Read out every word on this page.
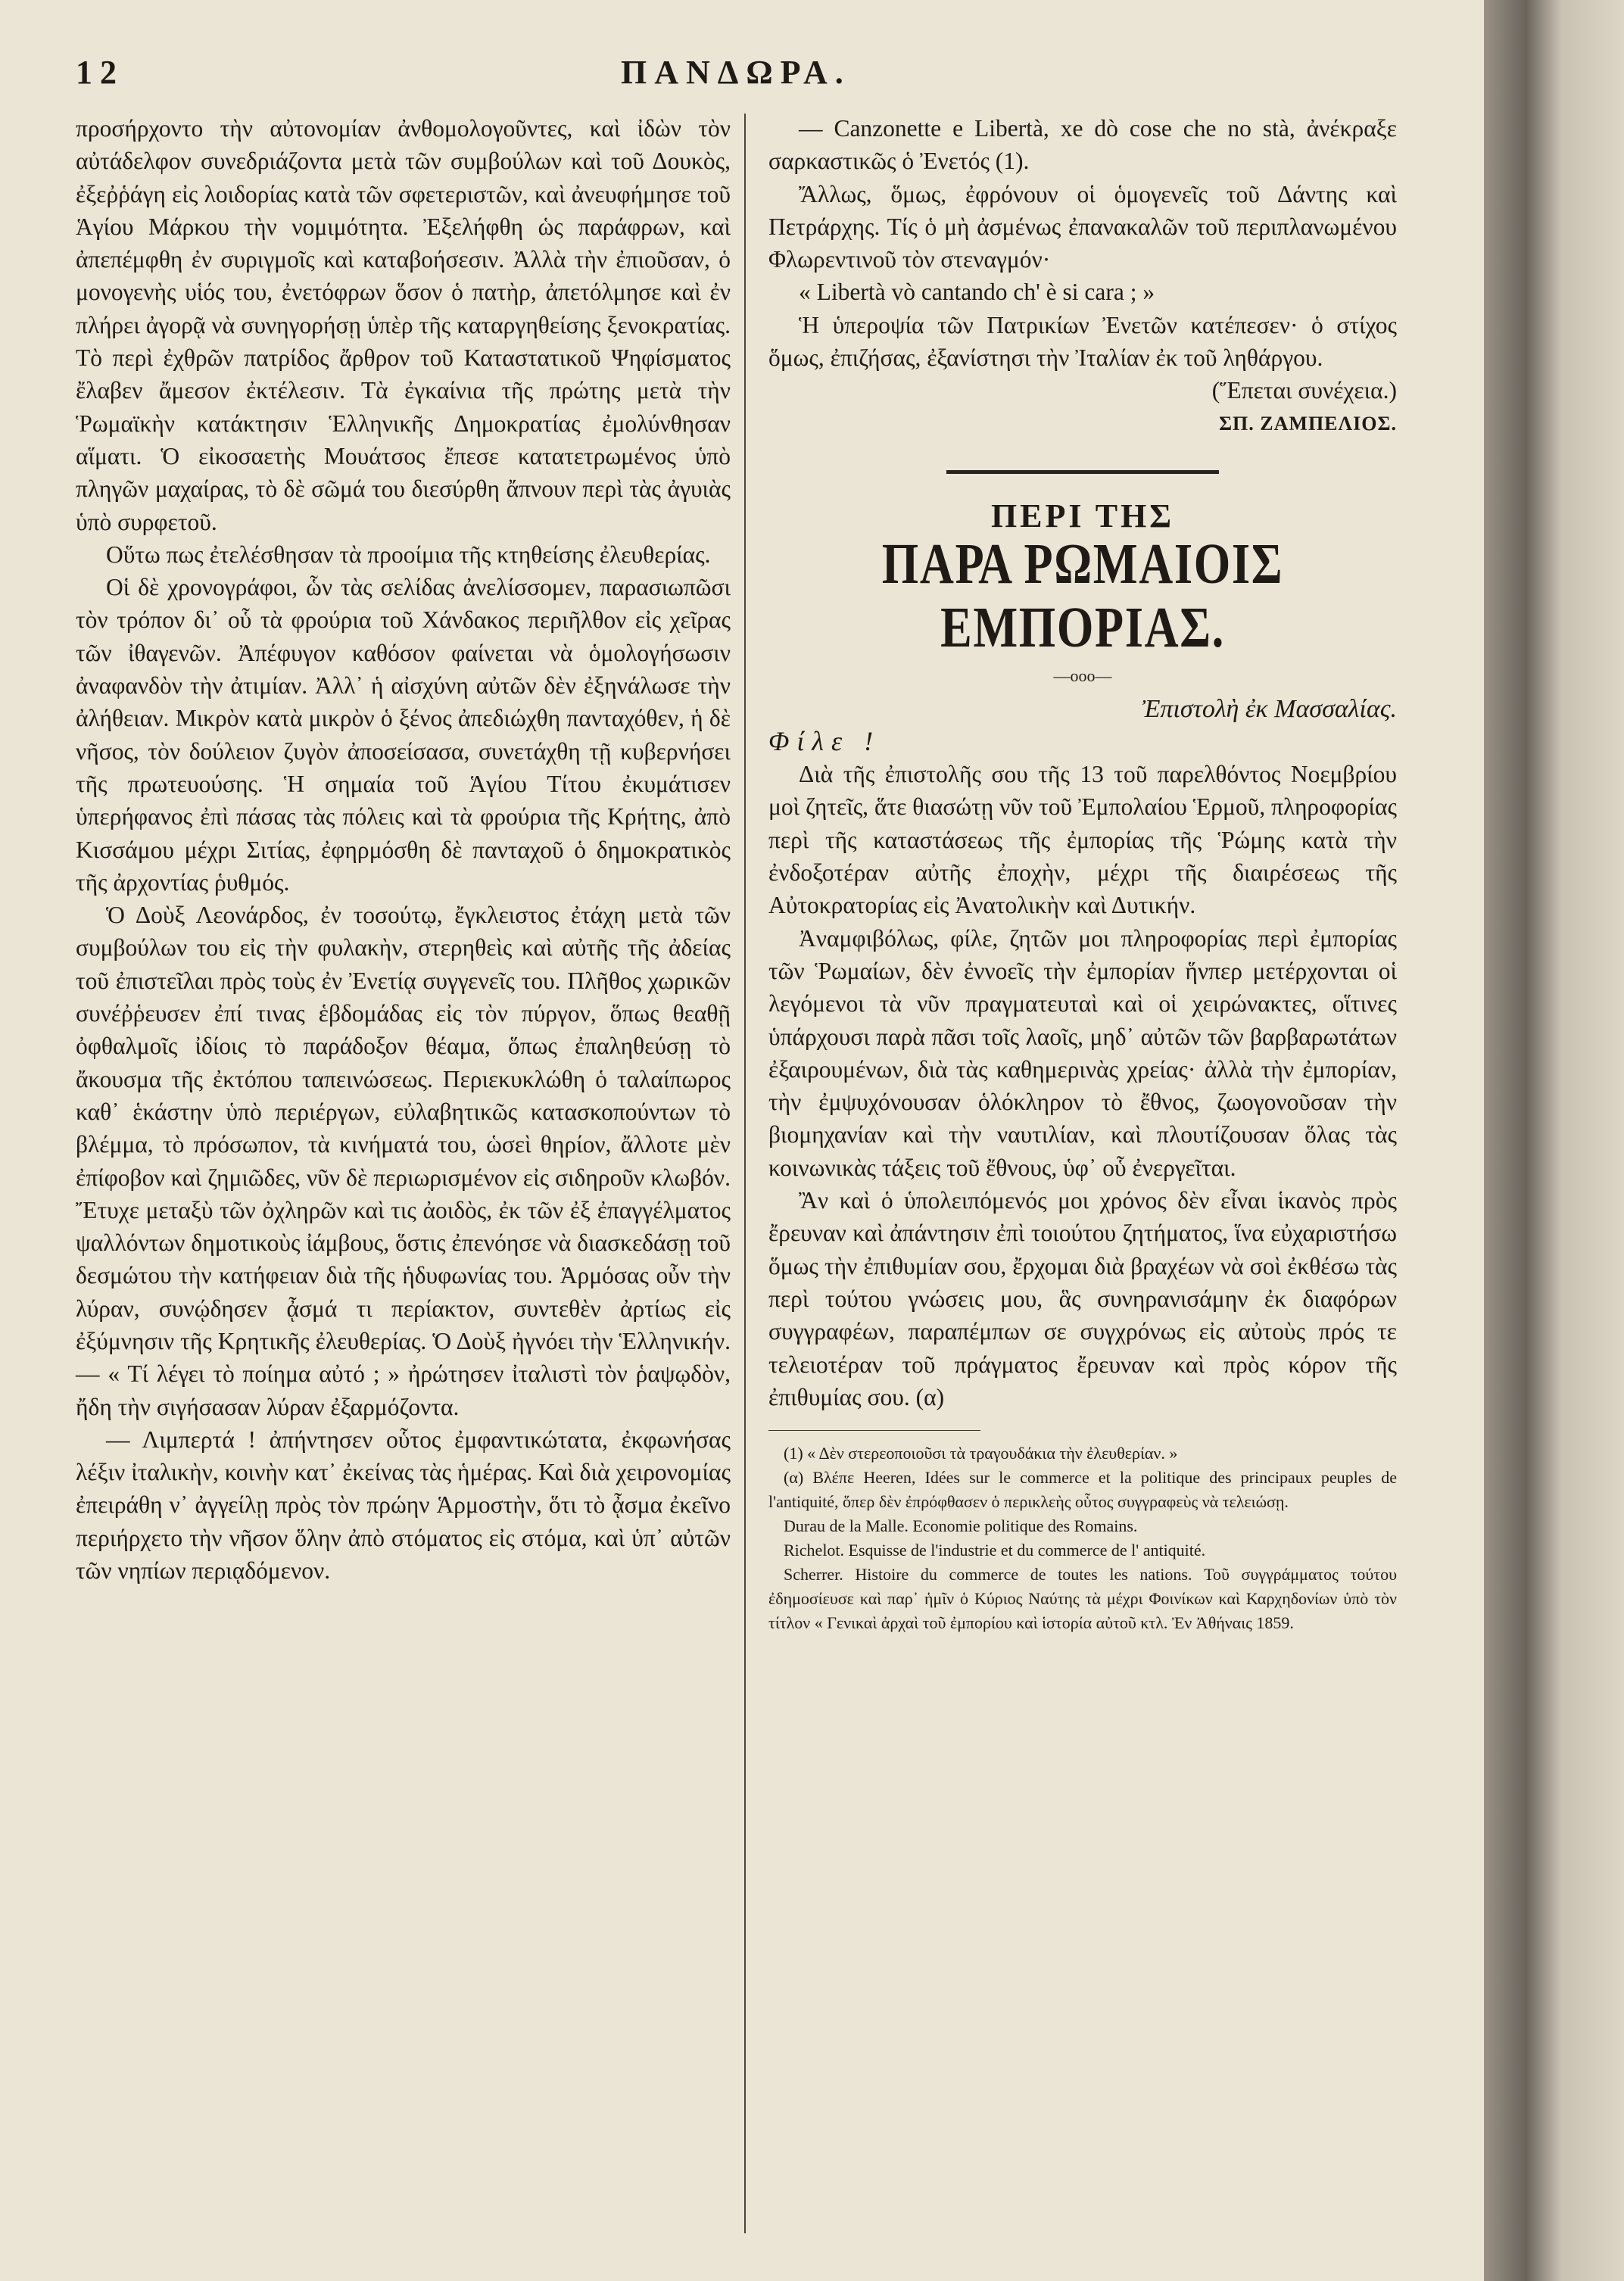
12	ΠΑΝΔΩΡΑ.

προσήρχοντο τὴν αὐτονομίαν ἀνθομολογοῦντες, καὶ ἰδὼν τὸν αὐτάδελφον συνεδριάζοντα μετὰ τῶν συμβούλων καὶ τοῦ Δουκὸς, ἐξεῤῥάγη εἰς λοιδορίας κατὰ τῶν σφετεριστῶν, καὶ ἀνευφήμησε τοῦ Ἁγίου Μάρκου τὴν νομιμότητα. Ἐξελήφθη ὡς παράφρων, καὶ ἀπεπέμφθη ἐν συριγμοῖς καὶ καταβοήσεσιν. Ἀλλὰ τὴν ἐπιοῦσαν, ὁ μονογενὴς υἱός του, ἐνετόφρων ὅσον ὁ πατὴρ, ἀπετόλμησε καὶ ἐν πλήρει ἀγορᾷ νὰ συνηγορήσῃ ὑπὲρ τῆς καταργηθείσης ξενοκρατίας. Τὸ περὶ ἐχθρῶν πατρίδος ἄρθρον τοῦ Καταστατικοῦ Ψηφίσματος ἔλαβεν ἄμεσον ἐκτέλεσιν. Τὰ ἐγκαίνια τῆς πρώτης μετὰ τὴν Ῥωμαϊκὴν κατάκτησιν Ἑλληνικῆς Δημοκρατίας ἐμολύνθησαν αἵματι. Ὁ εἰκοσαετὴς Μουάτσος ἔπεσε κατατετρωμένος ὑπὸ πληγῶν μαχαίρας, τὸ δὲ σῶμά του διεσύρθη ἄπνουν περὶ τὰς ἀγυιὰς ὑπὸ συρφετοῦ.

Οὕτω πως ἐτελέσθησαν τὰ προοίμια τῆς κτηθείσης ἐλευθερίας.

Οἱ δὲ χρονογράφοι, ὧν τὰς σελίδας ἀνελίσσομεν, παρασιωπῶσι τὸν τρόπον δι᾽ οὗ τὰ φρούρια τοῦ Χάνδακος περιῆλθον εἰς χεῖρας τῶν ἰθαγενῶν. Ἀπέφυγον καθόσον φαίνεται νὰ ὁμολογήσωσιν ἀναφανδὸν τὴν ἀτιμίαν. Ἀλλ᾽ ἡ αἰσχύνη αὐτῶν δὲν ἐξηνάλωσε τὴν ἀλήθειαν. Μικρὸν κατὰ μικρὸν ὁ ξένος ἀπεδιώχθη πανταχόθεν, ἡ δὲ νῆσος, τὸν δούλειον ζυγὸν ἀποσείσασα, συνετάχθη τῇ κυβερνήσει τῆς πρωτευούσης. Ἡ σημαία τοῦ Ἁγίου Τίτου ἐκυμάτισεν ὑπερήφανος ἐπὶ πάσας τὰς πόλεις καὶ τὰ φρούρια τῆς Κρήτης, ἀπὸ Κισσάμου μέχρι Σιτίας, ἐφηρμόσθη δὲ πανταχοῦ ὁ δημοκρατικὸς τῆς ἀρχοντίας ῥυθμός.

Ὁ Δοὺξ Λεονάρδος, ἐν τοσούτῳ, ἔγκλειστος ἐτάχη μετὰ τῶν συμβούλων του εἰς τὴν φυλακὴν, στερηθεὶς καὶ αὐτῆς τῆς ἀδείας τοῦ ἐπιστεῖλαι πρὸς τοὺς ἐν Ἐνετίᾳ συγγενεῖς του. Πλῆθος χωρικῶν συνέῤῥευσεν ἐπί τινας ἑβδομάδας εἰς τὸν πύργον, ὅπως θεαθῇ ὀφθαλμοῖς ἰδίοις τὸ παράδοξον θέαμα, ὅπως ἐπαληθεύσῃ τὸ ἄκουσμα τῆς ἐκτόπου ταπεινώσεως. Περιεκυκλώθη ὁ ταλαίπωρος καθ᾽ ἑκάστην ὑπὸ περιέργων, εὐλαβητικῶς κατασκοπούντων τὸ βλέμμα, τὸ πρόσωπον, τὰ κινήματά του, ὡσεὶ θηρίον, ἄλλοτε μὲν ἐπίφοβον καὶ ζημιῶδες, νῦν δὲ περιωρισμένον εἰς σιδηροῦν κλωβόν. Ἔτυχε μεταξὺ τῶν ὀχληρῶν καὶ τις ἀοιδὸς, ἐκ τῶν ἐξ ἐπαγγέλματος ψαλλόντων δημοτικοὺς ἰάμβους, ὅστις ἐπενόησε νὰ διασκεδάσῃ τοῦ δεσμώτου τὴν κατήφειαν διὰ τῆς ἡδυφωνίας του. Ἁρμόσας οὖν τὴν λύραν, συνῴδησεν ᾆσμά τι περίακτον, συντεθὲν ἀρτίως εἰς ἐξύμνησιν τῆς Κρητικῆς ἐλευθερίας. Ὁ Δοὺξ ἠγνόει τὴν Ἑλληνικήν. — « Τί λέγει τὸ ποίημα αὐτό ; » ἠρώτησεν ἰταλιστὶ τὸν ῥαψῳδὸν, ἤδη τὴν σιγήσασαν λύραν ἐξαρμόζοντα.

— Λιμπερτά ! ἀπήντησεν οὗτος ἐμφαντικώτατα, ἐκφωνήσας λέξιν ἰταλικὴν, κοινὴν κατ᾽ ἐκείνας τὰς ἡμέρας. Καὶ διὰ χειρονομίας ἐπειράθη ν᾽ ἀγγείλῃ πρὸς τὸν πρώην Ἁρμοστὴν, ὅτι τὸ ᾆσμα ἐκεῖνο περιήρχετο τὴν νῆσον ὅλην ἀπὸ στόματος εἰς στόμα, καὶ ὑπ᾽ αὐτῶν τῶν νηπίων περιᾳδόμενον.

— Canzonette e Libertà, xe dò cose che no stà, ἀνέκραξε σαρκαστικῶς ὁ Ἐνετός (1).

Ἄλλως, ὅμως, ἐφρόνουν οἱ ὁμογενεῖς τοῦ Δάντης καὶ Πετράρχης. Τίς ὁ μὴ ἀσμένως ἐπανακαλῶν τοῦ περιπλανωμένου Φλωρεντινοῦ τὸν στεναγμόν·

« Libertà vò cantando ch' è si cara ; »

Ἡ ὑπεροψία τῶν Πατρικίων Ἐνετῶν κατέπεσεν· ὁ στίχος ὅμως, ἐπιζήσας, ἐξανίστησι τὴν Ἰταλίαν ἐκ τοῦ ληθάργου.

(Ἕπεται συνέχεια.)

ΣΠ. ΖΑΜΠΕΛΙΟΣ.

ΠΕΡΙ ΤΗΣ

ΠΑΡΑ ΡΩΜΑΙΟΙΣ ΕΜΠΟΡΙΑΣ.

—οοο—

Ἐπιστολὴ ἐκ Μασσαλίας.

Φίλε !

Διὰ τῆς ἐπιστολῆς σου τῆς 13 τοῦ παρελθόντος Νοεμβρίου μοὶ ζητεῖς, ἅτε θιασώτῃ νῦν τοῦ Ἐμπολαίου Ἑρμοῦ, πληροφορίας περὶ τῆς καταστάσεως τῆς ἐμπορίας τῆς Ῥώμης κατὰ τὴν ἐνδοξοτέραν αὐτῆς ἐποχὴν, μέχρι τῆς διαιρέσεως τῆς Αὐτοκρατορίας εἰς Ἀνατολικὴν καὶ Δυτικήν.

Ἀναμφιβόλως, φίλε, ζητῶν μοι πληροφορίας περὶ ἐμπορίας τῶν Ῥωμαίων, δὲν ἐννοεῖς τὴν ἐμπορίαν ἥνπερ μετέρχονται οἱ λεγόμενοι τὰ νῦν πραγματευταὶ καὶ οἱ χειρώνακτες, οἵτινες ὑπάρχουσι παρὰ πᾶσι τοῖς λαοῖς, μηδ᾽ αὐτῶν τῶν βαρβαρωτάτων ἐξαιρουμένων, διὰ τὰς καθημερινὰς χρείας· ἀλλὰ τὴν ἐμπορίαν, τὴν ἐμψυχόνουσαν ὁλόκληρον τὸ ἔθνος, ζωογονοῦσαν τὴν βιομηχανίαν καὶ τὴν ναυτιλίαν, καὶ πλουτίζουσαν ὅλας τὰς κοινωνικὰς τάξεις τοῦ ἔθνους, ὑφ᾽ οὗ ἐνεργεῖται.

Ἂν καὶ ὁ ὑπολειπόμενός μοι χρόνος δὲν εἶναι ἱκανὸς πρὸς ἔρευναν καὶ ἀπάντησιν ἐπὶ τοιούτου ζητήματος, ἵνα εὐχαριστήσω ὅμως τὴν ἐπιθυμίαν σου, ἔρχομαι διὰ βραχέων νὰ σοὶ ἐκθέσω τὰς περὶ τούτου γνώσεις μου, ἃς συνηρανισάμην ἐκ διαφόρων συγγραφέων, παραπέμπων σε συγχρόνως εἰς αὐτοὺς πρός τε τελειοτέραν τοῦ πράγματος ἔρευναν καὶ πρὸς κόρον τῆς ἐπιθυμίας σου. (α)

(1) « Δὲν στερεοποιοῦσι τὰ τραγουδάκια τὴν ἐλευθερίαν. »

(α) Βλέπε Heeren, Idées sur le commerce et la politique des principaux peuples de l'antiquité, ὅπερ δὲν ἐπρόφθασεν ὁ περικλεὴς οὗτος συγγραφεὺς νὰ τελειώσῃ.

Durau de la Malle. Economie politique des Romains.

Richelot. Esquisse de l'industrie et du commerce de l' antiquité.

Scherrer. Histoire du commerce de toutes les nations. Τοῦ συγγράμματος τούτου ἐδημοσίευσε καὶ παρ᾽ ἡμῖν ὁ Κύριος Ναύτης τὰ μέχρι Φοινίκων καὶ Καρχηδονίων ὑπὸ τὸν τίτλον « Γενικαὶ ἀρχαὶ τοῦ ἐμπορίου καὶ ἱστορία αὐτοῦ κτλ. Ἐν Ἀθήναις 1859.
